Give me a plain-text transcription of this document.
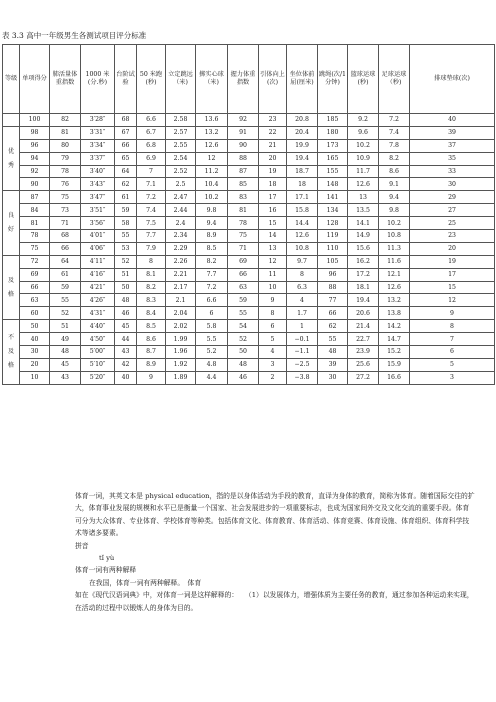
表 3.3 高中一年级男生各测试项目评分标准
等级	单项得分	肺活量体重指数	1000 米(分.秒)	台阶试验	50 米跑(秒)	立定跳远（米)	掷实心球（米)	握力体重指数	引体向上(次)	坐位体前屈(厘米)	跳绳(次/1分钟)	篮球运球(秒)	足球运球（秒)	排球垫球(次)
	100	82	3′28″	68	6.6	2.58	13.6	92	23	20.8	185	9.2	7.2	40

优
秀	98	81	3′31″	67	6.7	2.57	13.2	91	22	20.4	180	9.6	7.4	39
	96	80	3′34″	66	6.8	2.55	12.6	90	21	19.9	173	10.2	7.8	37
	94	79	3′37″	65	6.9	2.54	12	88	20	19.4	165	10.9	8.2	35
	92	78	3′40″	64	7	2.52	11.2	87	19	18.7	155	11.7	8.6	33
	90	76	3′43″	62	7.1	2.5	10.4	85	18	18	148	12.6	9.1	30

良
好	87	75	3′47″	61	7.2	2.47	10.2	83	17	17.1	141	13	9.4	29
	84	73	3′51″	59	7.4	2.44	9.8	81	16	15.8	134	13.5	9.8	27
	81	71	3′56″	58	7.5	2.4	9.4	78	15	14.4	128	14.1	10.2	25
	78	68	4′01″	55	7.7	2.34	8.9	75	14	12.6	119	14.9	10.8	23
	75	66	4′06″	53	7.9	2.29	8.5	71	13	10.8	110	15.6	11.3	20

及
格	72	64	4′11″	52	8	2.26	8.2	69	12	9.7	105	16.2	11.6	19
	69	61	4′16″	51	8.1	2.21	7.7	66	11	8	96	17.2	12.1	17
	66	59	4′21″	50	8.2	2.17	7.2	63	10	6.3	88	18.1	12.6	15
	63	55	4′26″	48	8.3	2.1	6.6	59	9	4	77	19.4	13.2	12
	60	52	4′31″	46	8.4	2.04	6	55	8	1.7	66	20.6	13.8	9

不
及
格	50	51	4′40″	45	8.5	2.02	5.8	54	6	1	62	21.4	14.2	8
	40	49	4′50″	44	8.6	1.99	5.5	52	5	−0.1	55	22.7	14.7	7
	30	48	5′00″	43	8.7	1.96	5.2	50	4	−1.1	48	23.9	15.2	6
	20	45	5′10″	42	8.9	1.92	4.8	48	3	−2.5	39	25.6	15.9	5
	10	43	5′20″	40	9	1.89	4.4	46	2	−3.8	30	27.2	16.6	3

体育一词，其英文本是 physical education，指的是以身体活动为手段的教育，直译为身体的教育，简称为体育。随着国际交往的扩大，体育事业发展的规模和水平已是衡量一个国家、社会发展进步的一项重要标志，也成为国家间外交及文化交流的重要手段。体育可分为大众体育、专业体育、学校体育等种类。包括体育文化、体育教育、体育活动、体育竞赛、体育设施、体育组织、体育科学技术等诸多要素。

拼音

tǐ yù

体育一词有两种解释

在我国，体育一词有两种解释。　体育

如在《现代汉语词典》中，对体育一词是这样解释的：　　（1）以发展体力，增强体质为主要任务的教育，通过参加各种运动来实现，在活动的过程中以锻炼人的身体为目的。
